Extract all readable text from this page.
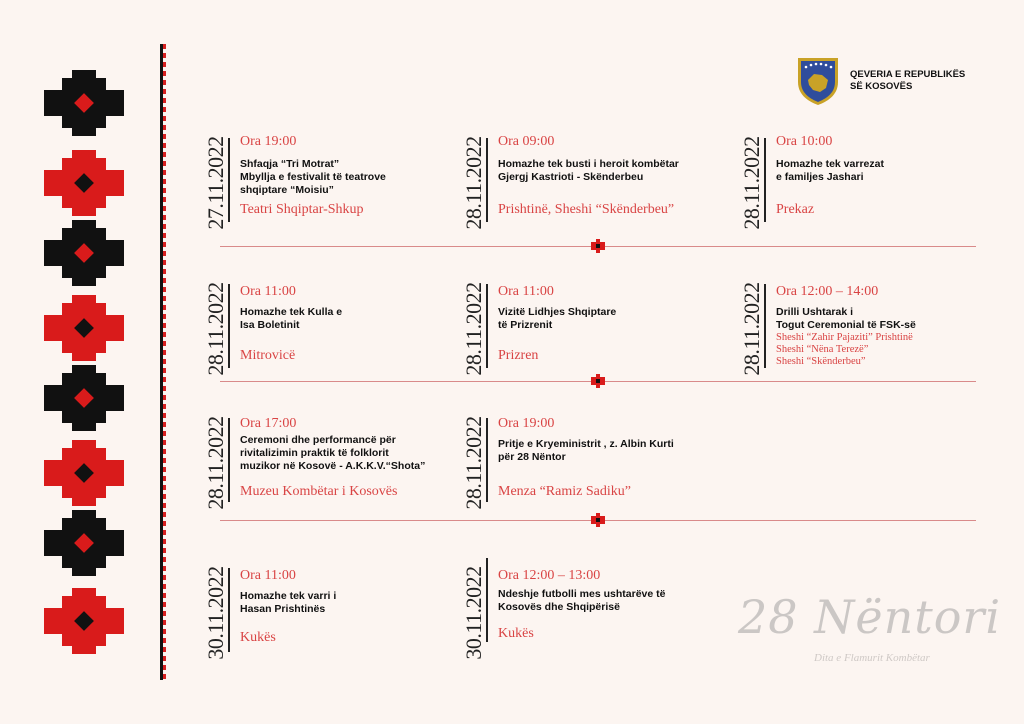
QEVERIA E REPUBLIKËS
SË KOSOVËS
27.11.2022 Ora 19:00
Shfaqja “Tri Motrat”
Mbyllja e festivalit të teatrove
shqiptare “Moisiu”
Teatri Shqiptar-Shkup	28.11.2022 Ora 09:00
Homazhe tek busti i heroit kombëtar
Gjergj Kastrioti - Skënderbeu
Prishtinë, Sheshi “Skënderbeu”	28.11.2022 Ora 10:00
Homazhe tek varrezat
e familjes Jashari
Prekaz
28.11.2022 Ora 11:00
Homazhe tek Kulla e
Isa Boletinit
Mitrovicë	28.11.2022 Ora 11:00
Vizitë Lidhjes Shqiptare
të Prizrenit
Prizren	28.11.2022 Ora 12:00 – 14:00
Drilli Ushtarak i
Togut Ceremonial të FSK-së
Sheshi “Zahir Pajaziti” Prishtinë
Sheshi “Nëna Terezë”
Sheshi “Skënderbeu”
28.11.2022 Ora 17:00
Ceremoni dhe performancë për
rivitalizimin praktik të folklorit
muzikor në Kosovë - A.K.K.V.“Shota”
Muzeu Kombëtar i Kosovës	28.11.2022 Ora 19:00
Pritje e Kryeministrit , z. Albin Kurti
për 28 Nëntor
Menza “Ramiz Sadiku”
30.11.2022 Ora 11:00
Homazhe tek varri i
Hasan Prishtinës
Kukës	30.11.2022 Ora 12:00 – 13:00
Ndeshje futbolli mes ushtarëve të
Kosovës dhe Shqipërisë
Kukës	28 Nëntori
Dita e Flamurit Kombëtar
